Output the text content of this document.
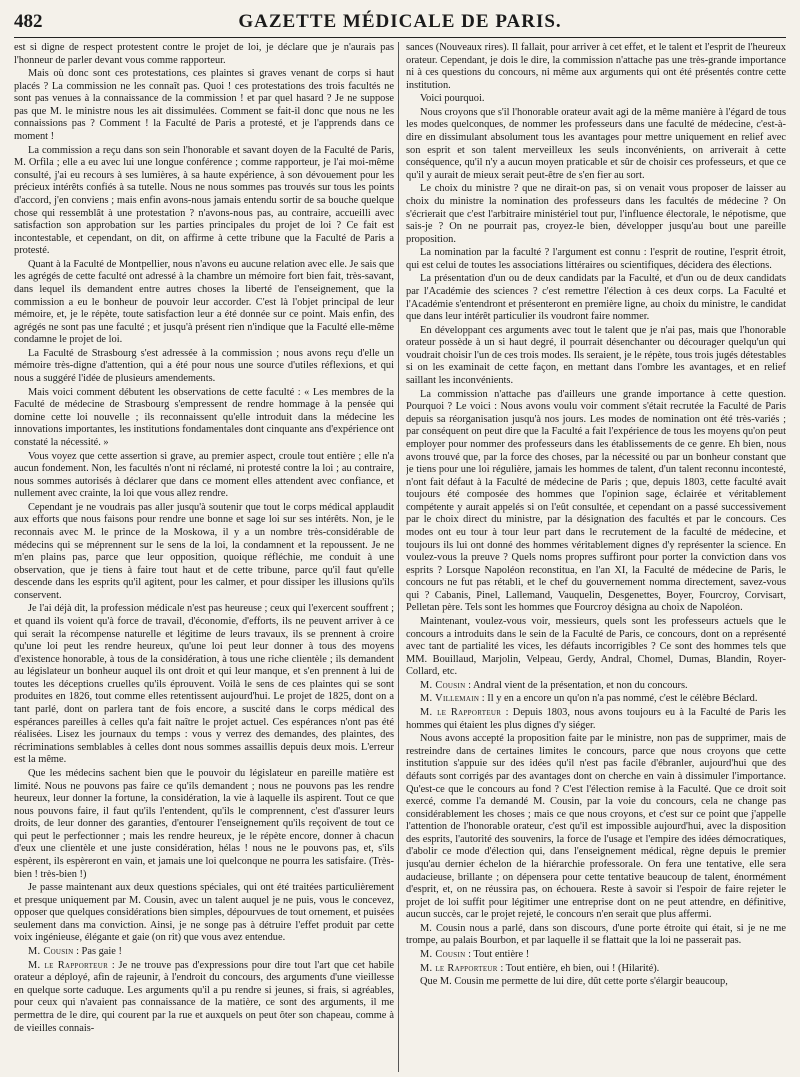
482	GAZETTE MÉDICALE DE PARIS.

est si digne de respect protestent contre le projet de loi, je déclare que je n'aurais pas l'honneur de parler devant vous comme rapporteur.

Mais où donc sont ces protestations, ces plaintes si graves venant de corps si haut placés ? La commission ne les connaît pas. Quoi ! ces protestations des trois facultés ne sont pas venues à la connaissance de la commission ! et par quel hasard ? Je ne suppose pas que M. le ministre nous les ait dissimulées. Comment se fait-il donc que nous ne les connaissions pas ? Comment ! la Faculté de Paris a protesté, et je l'apprends dans ce moment !

La commission a reçu dans son sein l'honorable et savant doyen de la Faculté de Paris, M. Orfila ; elle a eu avec lui une longue conférence ; comme rapporteur, je l'ai moi-même consulté, j'ai eu recours à ses lumières, à sa haute expérience, à son dévouement pour les précieux intérêts confiés à sa tutelle. Nous ne nous sommes pas trouvés sur tous les points d'accord, j'en conviens ; mais enfin avons-nous jamais entendu sortir de sa bouche quelque chose qui ressemblât à une protestation ? n'avons-nous pas, au contraire, accueilli avec satisfaction son approbation sur les parties principales du projet de loi ? Ce fait est incontestable, et cependant, on dit, on affirme à cette tribune que la Faculté de Paris a protesté.

Quant à la Faculté de Montpellier, nous n'avons eu aucune relation avec elle. Je sais que les agrégés de cette faculté ont adressé à la chambre un mémoire fort bien fait, très-savant, dans lequel ils demandent entre autres choses la liberté de l'enseignement, que la commission a eu le bonheur de pouvoir leur accorder. C'est là l'objet principal de leur mémoire, et, je le répète, toute satisfaction leur a été donnée sur ce point. Mais enfin, des agrégés ne sont pas une faculté ; et jusqu'à présent rien n'indique que la Faculté elle-même condamne le projet de loi.

La Faculté de Strasbourg s'est adressée à la commission ; nous avons reçu d'elle un mémoire très-digne d'attention, qui a été pour nous une source d'utiles réflexions, et qui nous a suggéré l'idée de plusieurs amendements.

Mais voici comment débutent les observations de cette faculté : « Les membres de la Faculté de médecine de Strasbourg s'empressent de rendre hommage à la pensée qui domine cette loi nouvelle ; ils reconnaissent qu'elle introduit dans la médecine les innovations importantes, les institutions fondamentales dont cinquante ans d'expérience ont constaté la nécessité. »

Vous voyez que cette assertion si grave, au premier aspect, croule tout entière ; elle n'a aucun fondement. Non, les facultés n'ont ni réclamé, ni protesté contre la loi ; au contraire, nous sommes autorisés à déclarer que dans ce moment elles attendent avec confiance, et nullement avec crainte, la loi que vous allez rendre.

Cependant je ne voudrais pas aller jusqu'à soutenir que tout le corps médical applaudit aux efforts que nous faisons pour rendre une bonne et sage loi sur ses intérêts. Non, je le reconnais avec M. le prince de la Moskowa, il y a un nombre très-considérable de médecins qui se méprennent sur le sens de la loi, la condamnent et la repoussent. Je ne m'en plains pas, parce que leur opposition, quoique réfléchie, me conduit à une observation, que je tiens à faire tout haut et de cette tribune, parce qu'il faut qu'elle descende dans les esprits qu'il agitent, pour les calmer, et pour dissiper les illusions qu'ils conservent.

Je l'ai déjà dit, la profession médicale n'est pas heureuse ; ceux qui l'exercent souffrent ; et quand ils voient qu'à force de travail, d'économie, d'efforts, ils ne peuvent arriver à ce qui serait la récompense naturelle et légitime de leurs travaux, ils se prennent à croire qu'une loi peut les rendre heureux, qu'une loi peut leur donner à tous des moyens d'existence honorable, à tous de la considération, à tous une riche clientèle ; ils demandent au législateur un bonheur auquel ils ont droit et qui leur manque, et s'en prennent à lui de toutes les déceptions cruelles qu'ils éprouvent. Voilà le sens de ces plaintes qui se sont produites en 1826, tout comme elles retentissent aujourd'hui. Le projet de 1825, dont on a tant parlé, dont on parlera tant de fois encore, a suscité dans le corps médical des espérances pareilles à celles qu'a fait naître le projet actuel. Ces espérances n'ont pas été réalisées. Lisez les journaux du temps : vous y verrez des demandes, des plaintes, des récriminations semblables à celles dont nous sommes assaillis depuis deux mois. L'erreur est la même.

Que les médecins sachent bien que le pouvoir du législateur en pareille matière est limité. Nous ne pouvons pas faire ce qu'ils demandent ; nous ne pouvons pas les rendre heureux, leur donner la fortune, la considération, la vie à laquelle ils aspirent. Tout ce que nous pouvons faire, il faut qu'ils l'entendent, qu'ils le comprennent, c'est d'assurer leurs droits, de leur donner des garanties, d'entourer l'enseignement qu'ils reçoivent de tout ce qui peut le perfectionner ; mais les rendre heureux, je le répète encore, donner à chacun d'eux une clientèle et une juste considération, hélas ! nous ne le pouvons pas, et, s'ils espèrent, ils espèreront en vain, et jamais une loi quelconque ne pourra les satisfaire. (Très-bien ! très-bien !)

Je passe maintenant aux deux questions spéciales, qui ont été traitées particulièrement et presque uniquement par M. Cousin, avec un talent auquel je ne puis, vous le concevez, opposer que quelques considérations bien simples, dépourvues de tout ornement, et puisées seulement dans ma conviction. Ainsi, je ne songe pas à détruire l'effet produit par cette voix ingénieuse, élégante et gaie (on rit) que vous avez entendue.

M. Cousin : Pas gaie !

M. le Rapporteur : Je ne trouve pas d'expressions pour dire tout l'art que cet habile orateur a déployé, afin de rajeunir, à l'endroit du concours, des arguments d'une vieillesse en quelque sorte caduque. Les arguments qu'il a pu rendre si jeunes, si frais, si agréables, pour ceux qui n'avaient pas connaissance de la matière, ce sont des arguments, il me permettra de le dire, qui courent par la rue et auxquels on peut ôter son chapeau, comme à de vieilles connais-

sances (Nouveaux rires). Il fallait, pour arriver à cet effet, et le talent et l'esprit de l'heureux orateur. Cependant, je dois le dire, la commission n'attache pas une très-grande importance ni à ces questions du concours, ni même aux arguments qui ont été présentés contre cette institution.

Voici pourquoi.

Nous croyons que s'il l'honorable orateur avait agi de la même manière à l'égard de tous les modes quelconques, de nommer les professeurs dans une faculté de médecine, c'est-à-dire en dissimulant absolument tous les avantages pour mettre uniquement en relief avec son esprit et son talent merveilleux les seuls inconvénients, on arriverait à cette conséquence, qu'il n'y a aucun moyen praticable et sûr de choisir ces professeurs, et que ce qu'il y aurait de mieux serait peut-être de s'en fier au sort.

Le choix du ministre ? que ne dirait-on pas, si on venait vous proposer de laisser au choix du ministre la nomination des professeurs dans les facultés de médecine ? On s'écrierait que c'est l'arbitraire ministériel tout pur, l'influence électorale, le népotisme, que sais-je ? On ne pourrait pas, croyez-le bien, développer jusqu'au bout une pareille proposition.

La nomination par la faculté ? l'argument est connu : l'esprit de routine, l'esprit étroit, qui est celui de toutes les associations littéraires ou scientifiques, décidera des élections.

La présentation d'un ou de deux candidats par la Faculté, et d'un ou de deux candidats par l'Académie des sciences ? c'est remettre l'élection à ces deux corps. La Faculté et l'Académie s'entendront et présenteront en première ligne, au choix du ministre, le candidat que dans leur intérêt particulier ils voudront faire nommer.

En développant ces arguments avec tout le talent que je n'ai pas, mais que l'honorable orateur possède à un si haut degré, il pourrait désenchanter ou décourager quelqu'un qui voudrait choisir l'un de ces trois modes. Ils seraient, je le répète, tous trois jugés détestables si on les examinait de cette façon, en mettant dans l'ombre les avantages, et en relief saillant les inconvénients.

La commission n'attache pas d'ailleurs une grande importance à cette question. Pourquoi ? Le voici : Nous avons voulu voir comment s'était recrutée la Faculté de Paris depuis sa réorganisation jusqu'à nos jours. Les modes de nomination ont été très-variés ; par conséquent on peut dire que la Faculté a fait l'expérience de tous les moyens qu'on peut employer pour nommer des professeurs dans les établissements de ce genre. Eh bien, nous avons trouvé que, par la force des choses, par la nécessité ou par un bonheur constant que je tiens pour une loi régulière, jamais les hommes de talent, d'un talent reconnu incontesté, n'ont fait défaut à la Faculté de médecine de Paris ; que, depuis 1803, cette faculté avait toujours été composée des hommes que l'opinion sage, éclairée et véritablement compétente y aurait appelés si on l'eût consultée, et cependant on a passé successivement par le choix direct du ministre, par la désignation des facultés et par le concours. Ces modes ont eu tour à tour leur part dans le recrutement de la faculté de médecine, et toujours ils lui ont donné des hommes véritablement dignes d'y représenter la science. En voulez-vous la preuve ? Quels noms propres suffiront pour porter la conviction dans vos esprits ? Lorsque Napoléon reconstitua, en l'an XI, la Faculté de médecine de Paris, le concours ne fut pas rétabli, et le chef du gouvernement nomma directement, savez-vous qui ? Cabanis, Pinel, Lallemand, Vauquelin, Desgenettes, Boyer, Fourcroy, Corvisart, Pelletan père. Tels sont les hommes que Fourcroy désigna au choix de Napoléon.

Maintenant, voulez-vous voir, messieurs, quels sont les professeurs actuels que le concours a introduits dans le sein de la Faculté de Paris, ce concours, dont on a représenté avec tant de partialité les vices, les défauts incorrigibles ? Ce sont des hommes tels que MM. Bouillaud, Marjolin, Velpeau, Gerdy, Andral, Chomel, Dumas, Blandin, Royer-Collard, etc.

M. Cousin : Andral vient de la présentation, et non du concours.

M. Villemain : Il y en a encore un qu'on n'a pas nommé, c'est le célèbre Béclard.

M. le Rapporteur : Depuis 1803, nous avons toujours eu à la Faculté de Paris les hommes qui étaient les plus dignes d'y siéger.

Nous avons accepté la proposition faite par le ministre, non pas de supprimer, mais de restreindre dans de certaines limites le concours, parce que nous croyons que cette institution s'appuie sur des idées qu'il n'est pas facile d'ébranler, aujourd'hui que des défauts sont corrigés par des avantages dont on cherche en vain à dissimuler l'importance. Qu'est-ce que le concours au fond ? C'est l'élection remise à la Faculté. Que ce droit soit exercé, comme l'a demandé M. Cousin, par la voie du concours, cela ne change pas considérablement les choses ; mais ce que nous croyons, et c'est sur ce point que j'appelle l'attention de l'honorable orateur, c'est qu'il est impossible aujourd'hui, avec la disposition des esprits, l'autorité des souvenirs, la force de l'usage et l'empire des idées démocratiques, d'abolir ce mode d'élection qui, dans l'enseignement médical, règne depuis le premier jusqu'au dernier échelon de la hiérarchie professorale. On fera une tentative, elle sera audacieuse, brillante ; on dépensera pour cette tentative beaucoup de talent, énormément d'esprit, et, on ne réussira pas, on échouera. Reste à savoir si l'espoir de faire rejeter le projet de loi suffit pour légitimer une entreprise dont on ne peut attendre, en définitive, aucun succès, car le projet rejeté, le concours n'en serait que plus affermi.

M. Cousin nous a parlé, dans son discours, d'une porte étroite qui était, si je ne me trompe, au palais Bourbon, et par laquelle il se flattait que la loi ne passerait pas.

M. Cousin : Tout entière !

M. le Rapporteur : Tout entière, eh bien, oui ! (Hilarité).

Que M. Cousin me permette de lui dire, dût cette porte s'élargir beaucoup,
